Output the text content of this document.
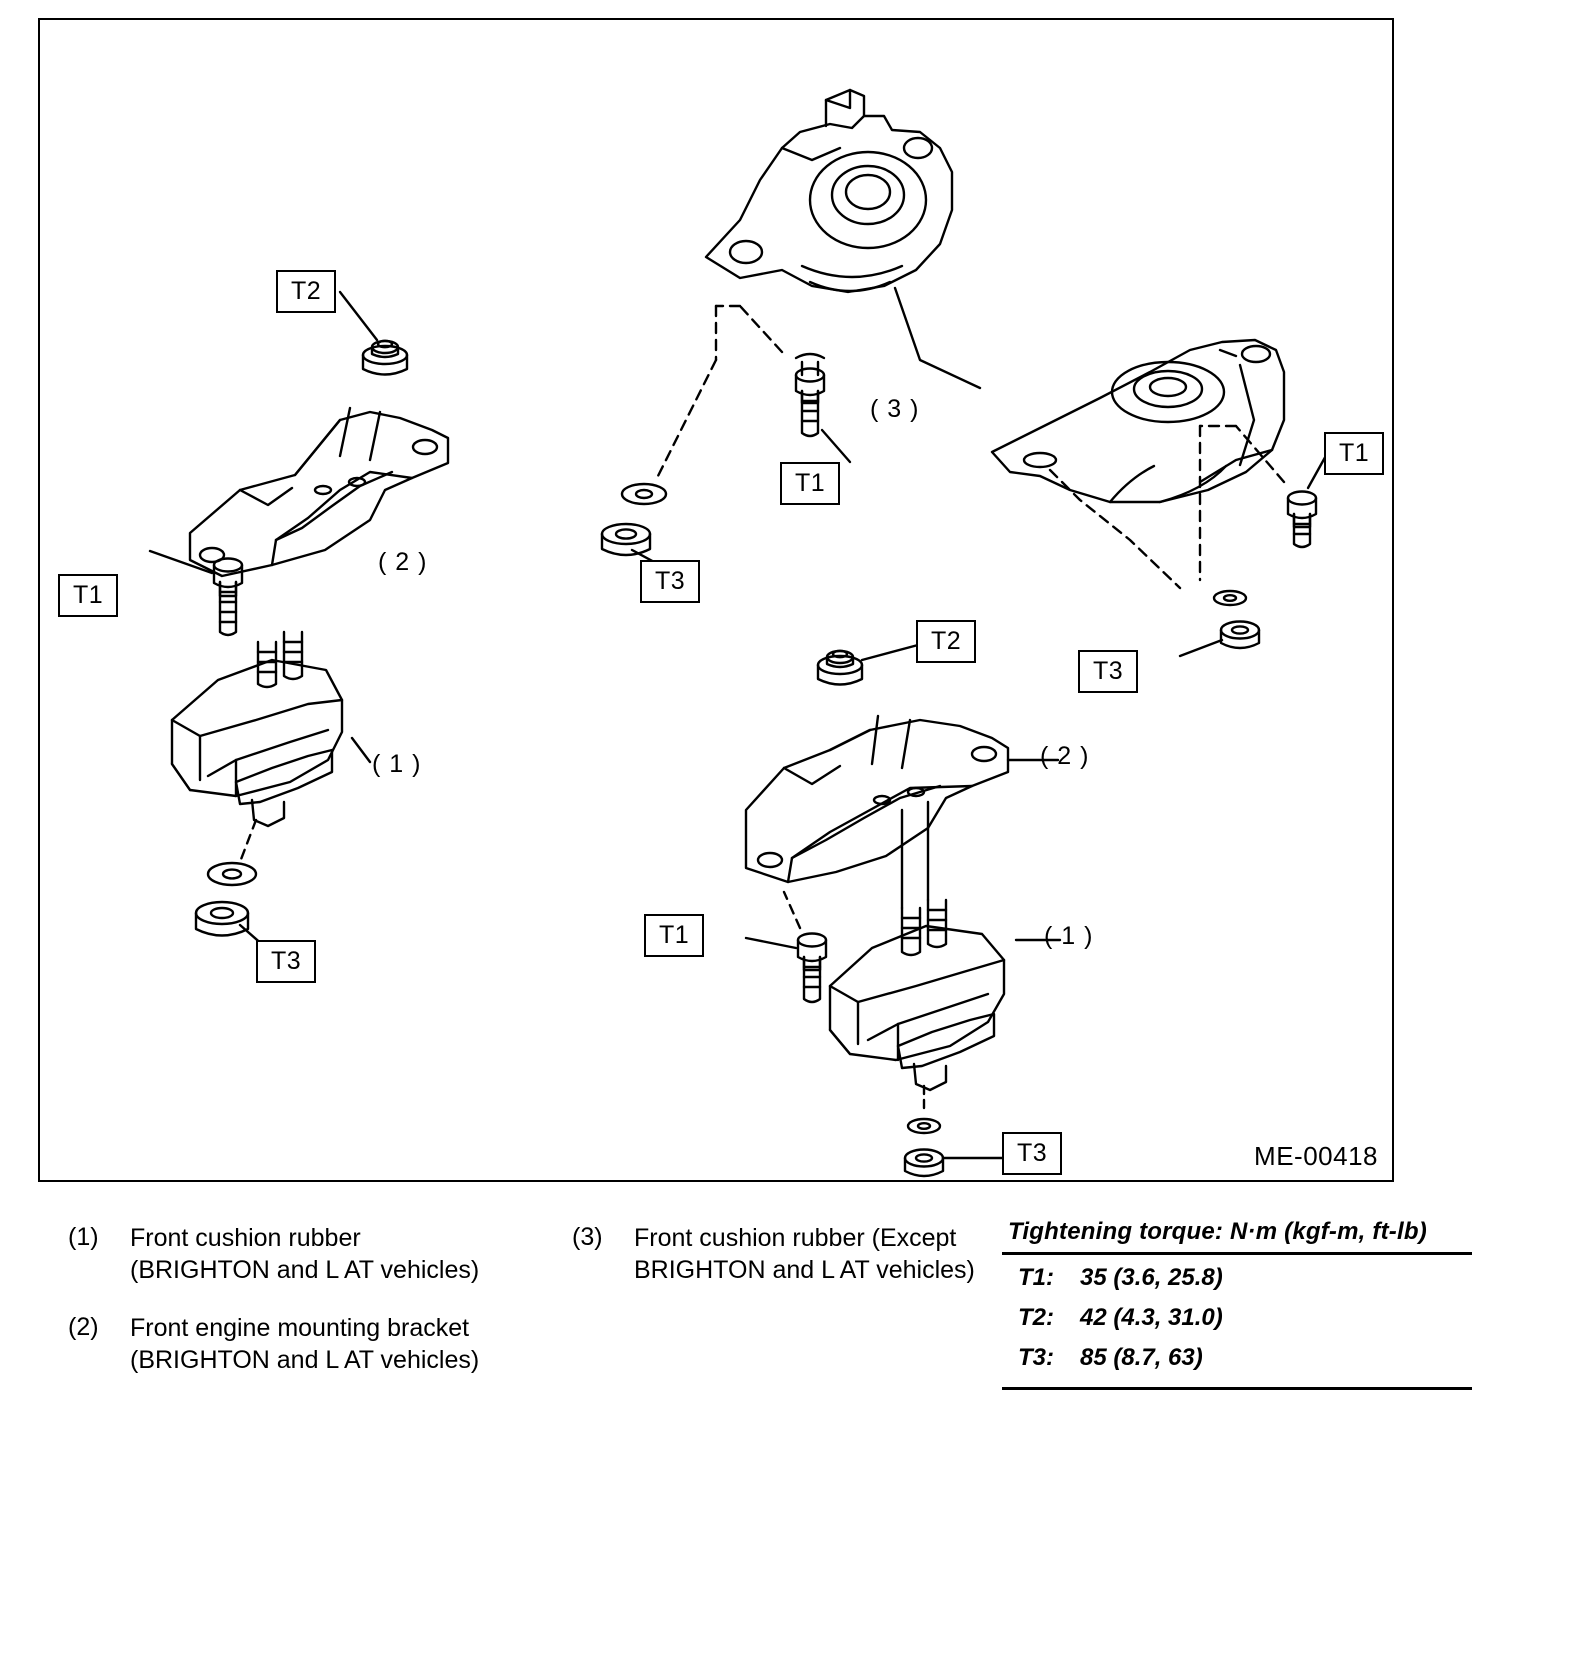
T2
T1
T3
T1
T3
T1
T3
T2
T1
T3
( 2 )
( 1 )
( 3 )
( 2 )
( 1 )
ME-00418
(1)	Front cushion rubber
(BRIGHTON and L AT vehicles)
(2)	Front engine mounting bracket
(BRIGHTON and L AT vehicles)
(3)	Front cushion rubber (Except
BRIGHTON and L AT vehicles)
Tightening torque: N·m (kgf-m, ft-lb)
T1:	35 (3.6, 25.8)
T2:	42 (4.3, 31.0)
T3:	85 (8.7, 63)
